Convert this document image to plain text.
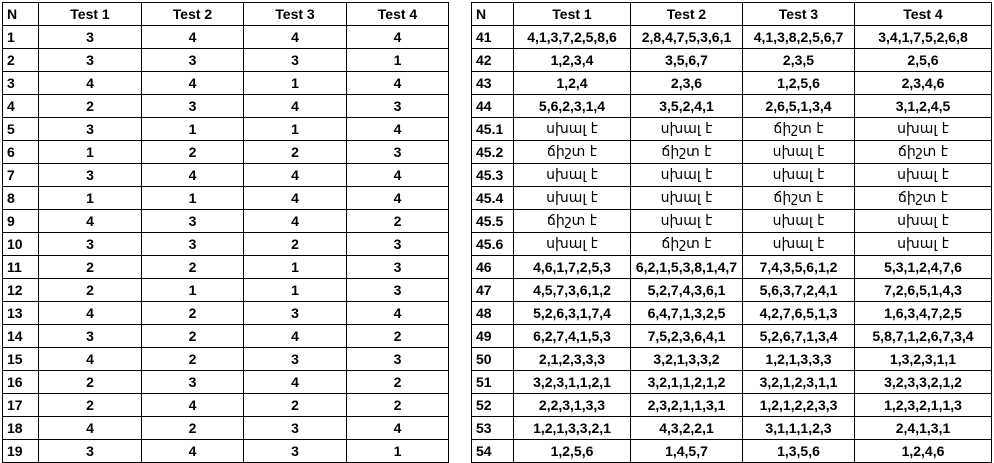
N	Test 1	Test 2	Test 3	Test 4
1	3	4	4	4
2	3	3	3	1
3	4	4	1	4
4	2	3	4	3
5	3	1	1	4
6	1	2	2	3
7	3	4	4	4
8	1	1	4	4
9	4	3	4	2
10	3	3	2	3
11	2	2	1	3
12	2	1	1	3
13	4	2	3	4
14	3	2	4	2
15	4	2	3	3
16	2	3	4	2
17	2	4	2	2
18	4	2	3	4
19	3	4	3	1
N	Test 1	Test 2	Test 3	Test 4
41	4,1,3,7,2,5,8,6	2,8,4,7,5,3,6,1	4,1,3,8,2,5,6,7	3,4,1,7,5,2,6,8
42	1,2,3,4	3,5,6,7	2,3,5	2,5,6
43	1,2,4	2,3,6	1,2,5,6	2,3,4,6
44	5,6,2,3,1,4	3,5,2,4,1	2,6,5,1,3,4	3,1,2,4,5
45.1	սխալ է	սխալ է	ճիշտ է	սխալ է
45.2	ճիշտ է	ճիշտ է	սխալ է	ճիշտ է
45.3	սխալ է	սխալ է	սխալ է	սխալ է
45.4	սխալ է	սխալ է	ճիշտ է	ճիշտ է
45.5	ճիշտ է	սխալ է	սխալ է	սխալ է
45.6	սխալ է	ճիշտ է	սխալ է	սխալ է
46	4,6,1,7,2,5,3	6,2,1,5,3,8,1,4,7	7,4,3,5,6,1,2	5,3,1,2,4,7,6
47	4,5,7,3,6,1,2	5,2,7,4,3,6,1	5,6,3,7,2,4,1	7,2,6,5,1,4,3
48	5,2,6,3,1,7,4	6,4,7,1,3,2,5	4,2,7,6,5,1,3	1,6,3,4,7,2,5
49	6,2,7,4,1,5,3	7,5,2,3,6,4,1	5,2,6,7,1,3,4	5,8,7,1,2,6,7,3,4
50	2,1,2,3,3,3	3,2,1,3,3,2	1,2,1,3,3,3	1,3,2,3,1,1
51	3,2,3,1,1,2,1	3,2,1,1,2,1,2	3,2,1,2,3,1,1	3,2,3,3,2,1,2
52	2,2,3,1,3,3	2,3,2,1,1,3,1	1,2,1,2,2,3,3	1,2,3,2,1,1,3
53	1,2,1,3,3,2,1	4,3,2,2,1	3,1,1,1,2,3	2,4,1,3,1
54	1,2,5,6	1,4,5,7	1,3,5,6	1,2,4,6
